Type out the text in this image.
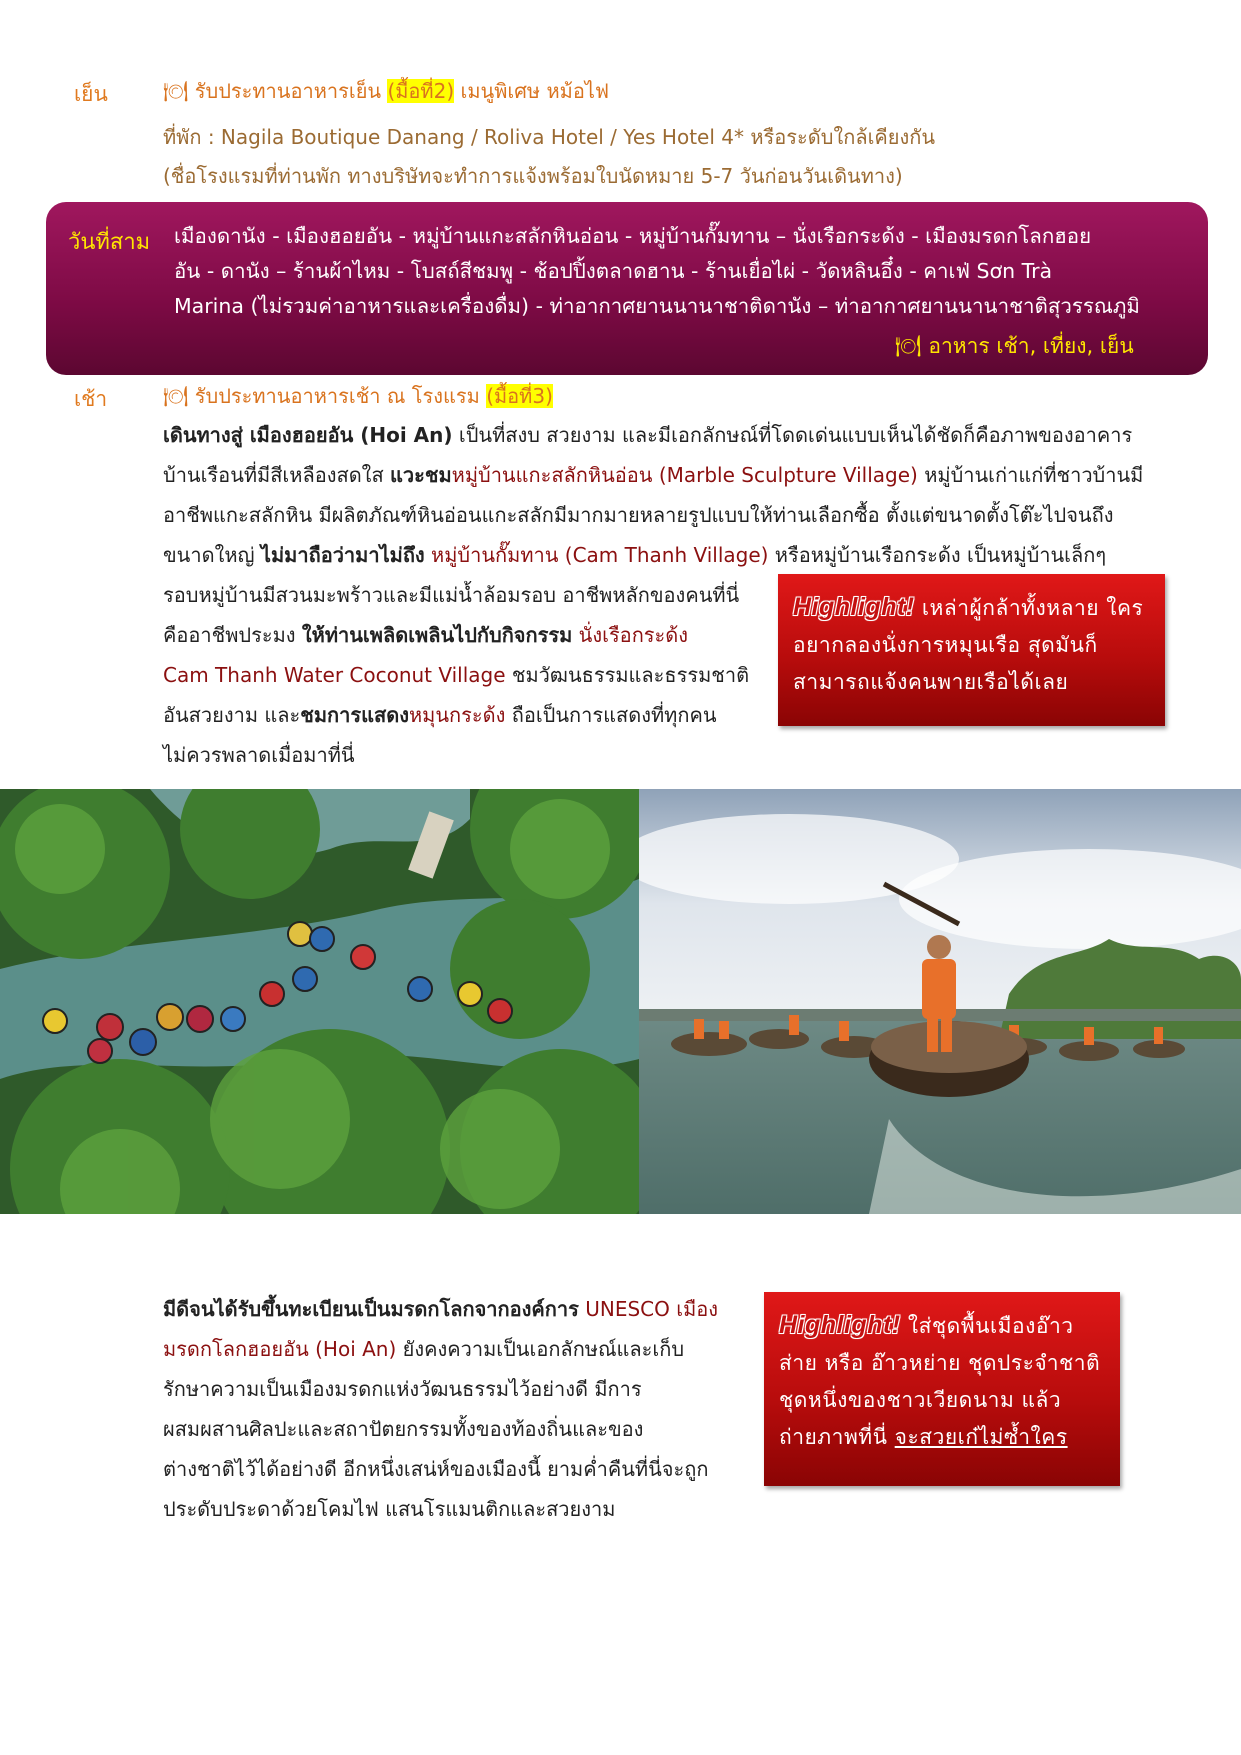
เย็น	🍽 รับประทานอาหารเย็น (มื้อที่2) เมนูพิเศษ หม้อไฟ
ที่พัก : Nagila Boutique Danang / Roliva Hotel / Yes Hotel 4* หรือระดับใกล้เคียงกัน
(ชื่อโรงแรมที่ท่านพัก ทางบริษัทจะทำการแจ้งพร้อมใบนัดหมาย 5-7 วันก่อนวันเดินทาง)
วันที่สาม เมืองดานัง - เมืองฮอยอัน - หมู่บ้านแกะสลักหินอ่อน - หมู่บ้านกั๊มทาน – นั่งเรือกระด้ง - เมืองมรดกโลกฮอย
อัน - ดานัง – ร้านผ้าไหม - โบสถ์สีชมพู - ช้อปปิ้งตลาดฮาน - ร้านเยื่อไผ่ - วัดหลินอึ๋ง - คาเฟ่ Sơn Trà
Marina (ไม่รวมค่าอาหารและเครื่องดื่ม) - ท่าอากาศยานนานาชาติดานัง – ท่าอากาศยานนานาชาติสุวรรณภูมิ
🍽 อาหาร เช้า, เที่ยง, เย็น
เช้า	🍽 รับประทานอาหารเช้า ณ โรงแรม (มื้อที่3)
เดินทางสู่ เมืองฮอยอัน (Hoi An) เป็นที่สงบ สวยงาม และมีเอกลักษณ์ที่โดดเด่นแบบเห็นได้ชัดก็คือภาพของอาคาร
บ้านเรือนที่มีสีเหลืองสดใส แวะชมหมู่บ้านแกะสลักหินอ่อน (Marble Sculpture Village) หมู่บ้านเก่าแก่ที่ชาวบ้านมี
อาชีพแกะสลักหิน มีผลิตภัณฑ์หินอ่อนแกะสลักมีมากมายหลายรูปแบบให้ท่านเลือกซื้อ ตั้งแต่ขนาดตั้งโต๊ะไปจนถึง
ขนาดใหญ่ ไม่มาถือว่ามาไม่ถึง หมู่บ้านกั๊มทาน (Cam Thanh Village) หรือหมู่บ้านเรือกระด้ง เป็นหมู่บ้านเล็กๆ
รอบหมู่บ้านมีสวนมะพร้าวและมีแม่น้ำล้อมรอบ อาชีพหลักของคนที่นี่
คืออาชีพประมง ให้ท่านเพลิดเพลินไปกับกิจกรรม นั่งเรือกระด้ง
Cam Thanh Water Coconut Village ชมวัฒนธรรมและธรรมชาติ
อันสวยงาม และชมการแสดงหมุนกระด้ง ถือเป็นการแสดงที่ทุกคน
ไม่ควรพลาดเมื่อมาที่นี่
Highlight! เหล่าผู้กล้าทั้งหลาย ใคร
อยากลองนั่งการหมุนเรือ สุดมันก็
สามารถแจ้งคนพายเรือได้เลย
มีดีจนได้รับขึ้นทะเบียนเป็นมรดกโลกจากองค์การ UNESCO เมือง
มรดกโลกฮอยอัน (Hoi An) ยังคงความเป็นเอกลักษณ์และเก็บ
รักษาความเป็นเมืองมรดกแห่งวัฒนธรรมไว้อย่างดี มีการ
ผสมผสานศิลปะและสถาปัตยกรรมทั้งของท้องถิ่นและของ
ต่างชาติไว้ได้อย่างดี อีกหนึ่งเสน่ห์ของเมืองนี้ ยามค่ำคืนที่นี่จะถูก
ประดับประดาด้วยโคมไฟ แสนโรแมนติกและสวยงาม
Highlight! ใส่ชุดพื้นเมืองอ๊าว
ส่าย หรือ อ๊าวหย่าย ชุดประจำชาติ
ชุดหนึ่งของชาวเวียดนาม แล้ว
ถ่ายภาพที่นี่ จะสวยเก๋ไม่ซ้ำใคร
